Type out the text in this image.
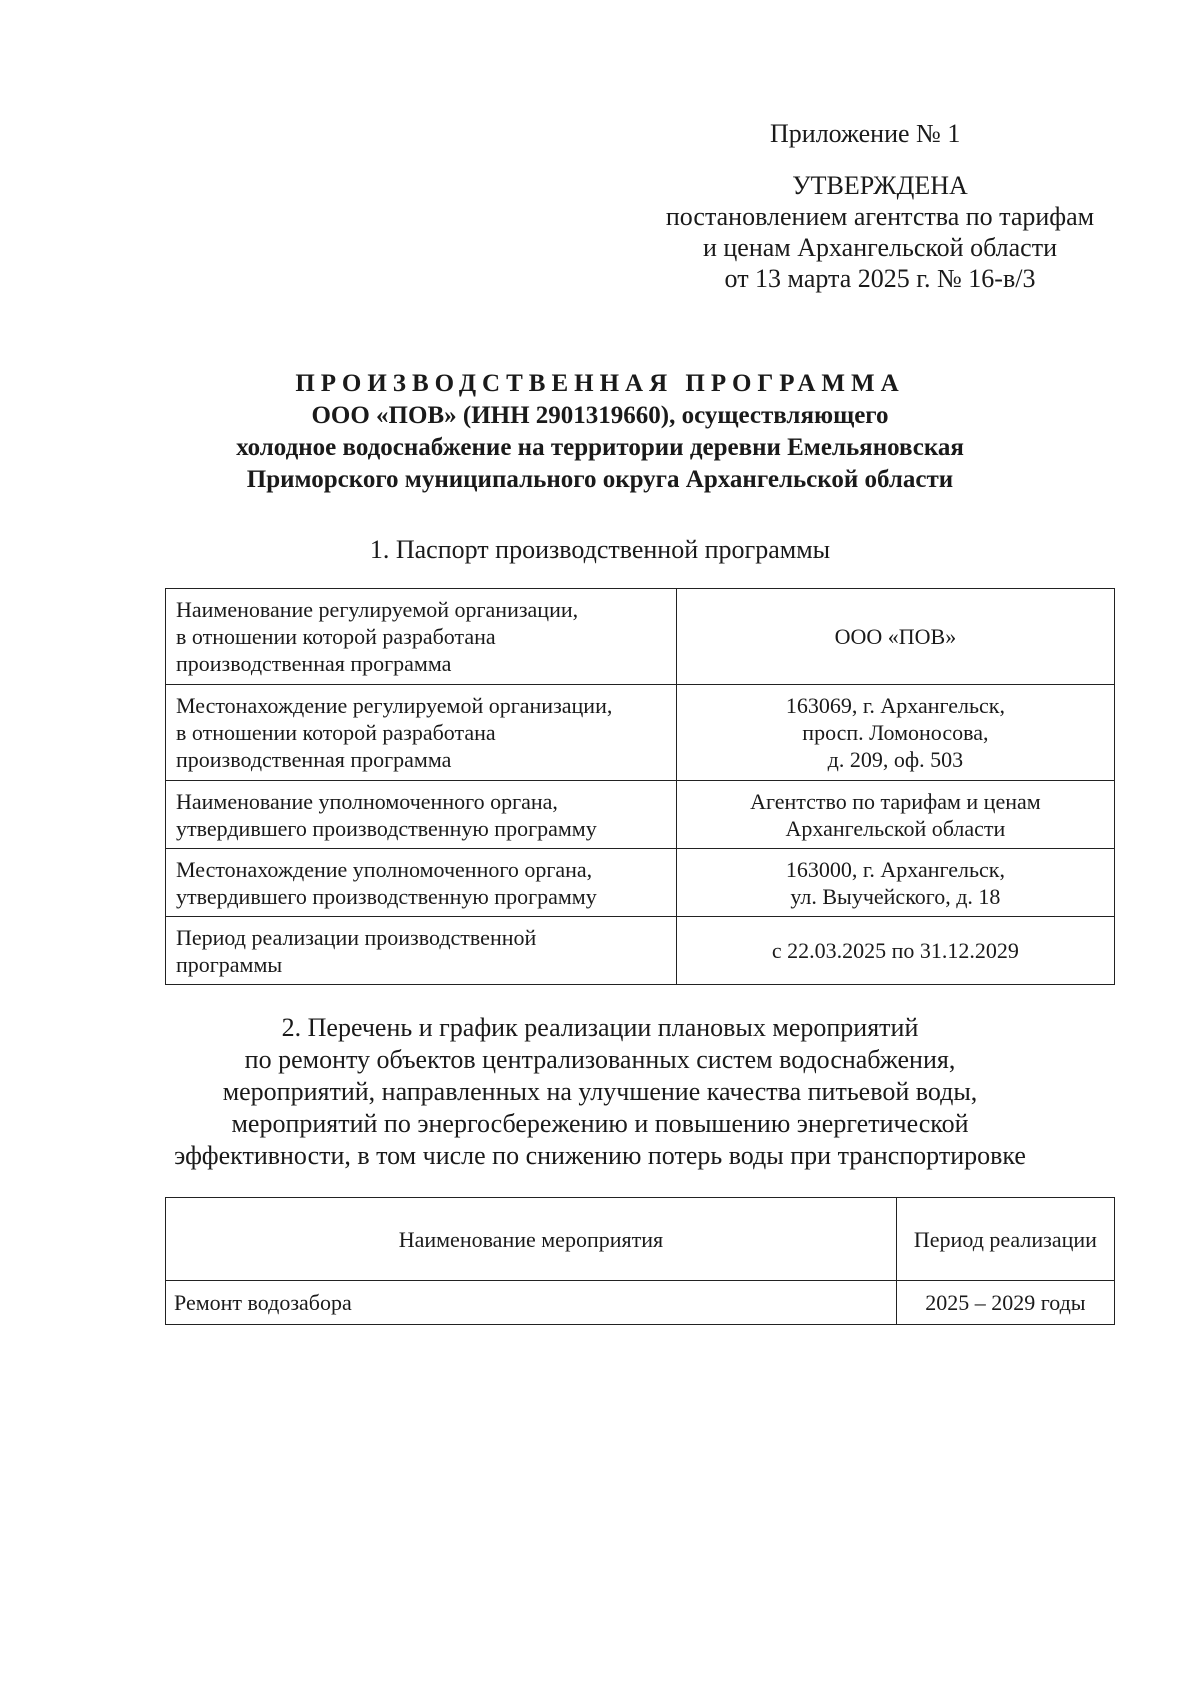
Приложение № 1
УТВЕРЖДЕНА
постановлением агентства по тарифам
и ценам Архангельской области
от 13 марта 2025 г. № 16-в/3
ПРОИЗВОДСТВЕННАЯ ПРОГРАММА
ООО «ПОВ» (ИНН 2901319660), осуществляющего
холодное водоснабжение на территории деревни Емельяновская
Приморского муниципального округа Архангельской области
1. Паспорт производственной программы
Наименование регулируемой организации,
в отношении которой разработана
производственная программа	ООО «ПОВ»

Местонахождение регулируемой организации,
в отношении которой разработана
производственная программа	163069, г. Архангельск,
просп. Ломоносова,
д. 209, оф. 503

Наименование уполномоченного органа,
утвердившего производственную программу	Агентство по тарифам и ценам
Архангельской области

Местонахождение уполномоченного органа,
утвердившего производственную программу	163000, г. Архангельск,
ул. Выучейского, д. 18

Период реализации производственной
программы	с 22.03.2025 по 31.12.2029
2. Перечень и график реализации плановых мероприятий
по ремонту объектов централизованных систем водоснабжения,
мероприятий, направленных на улучшение качества питьевой воды,
мероприятий по энергосбережению и повышению энергетической
эффективности, в том числе по снижению потерь воды при транспортировке
Наименование мероприятия	Период реализации
Ремонт водозабора	2025 – 2029 годы
